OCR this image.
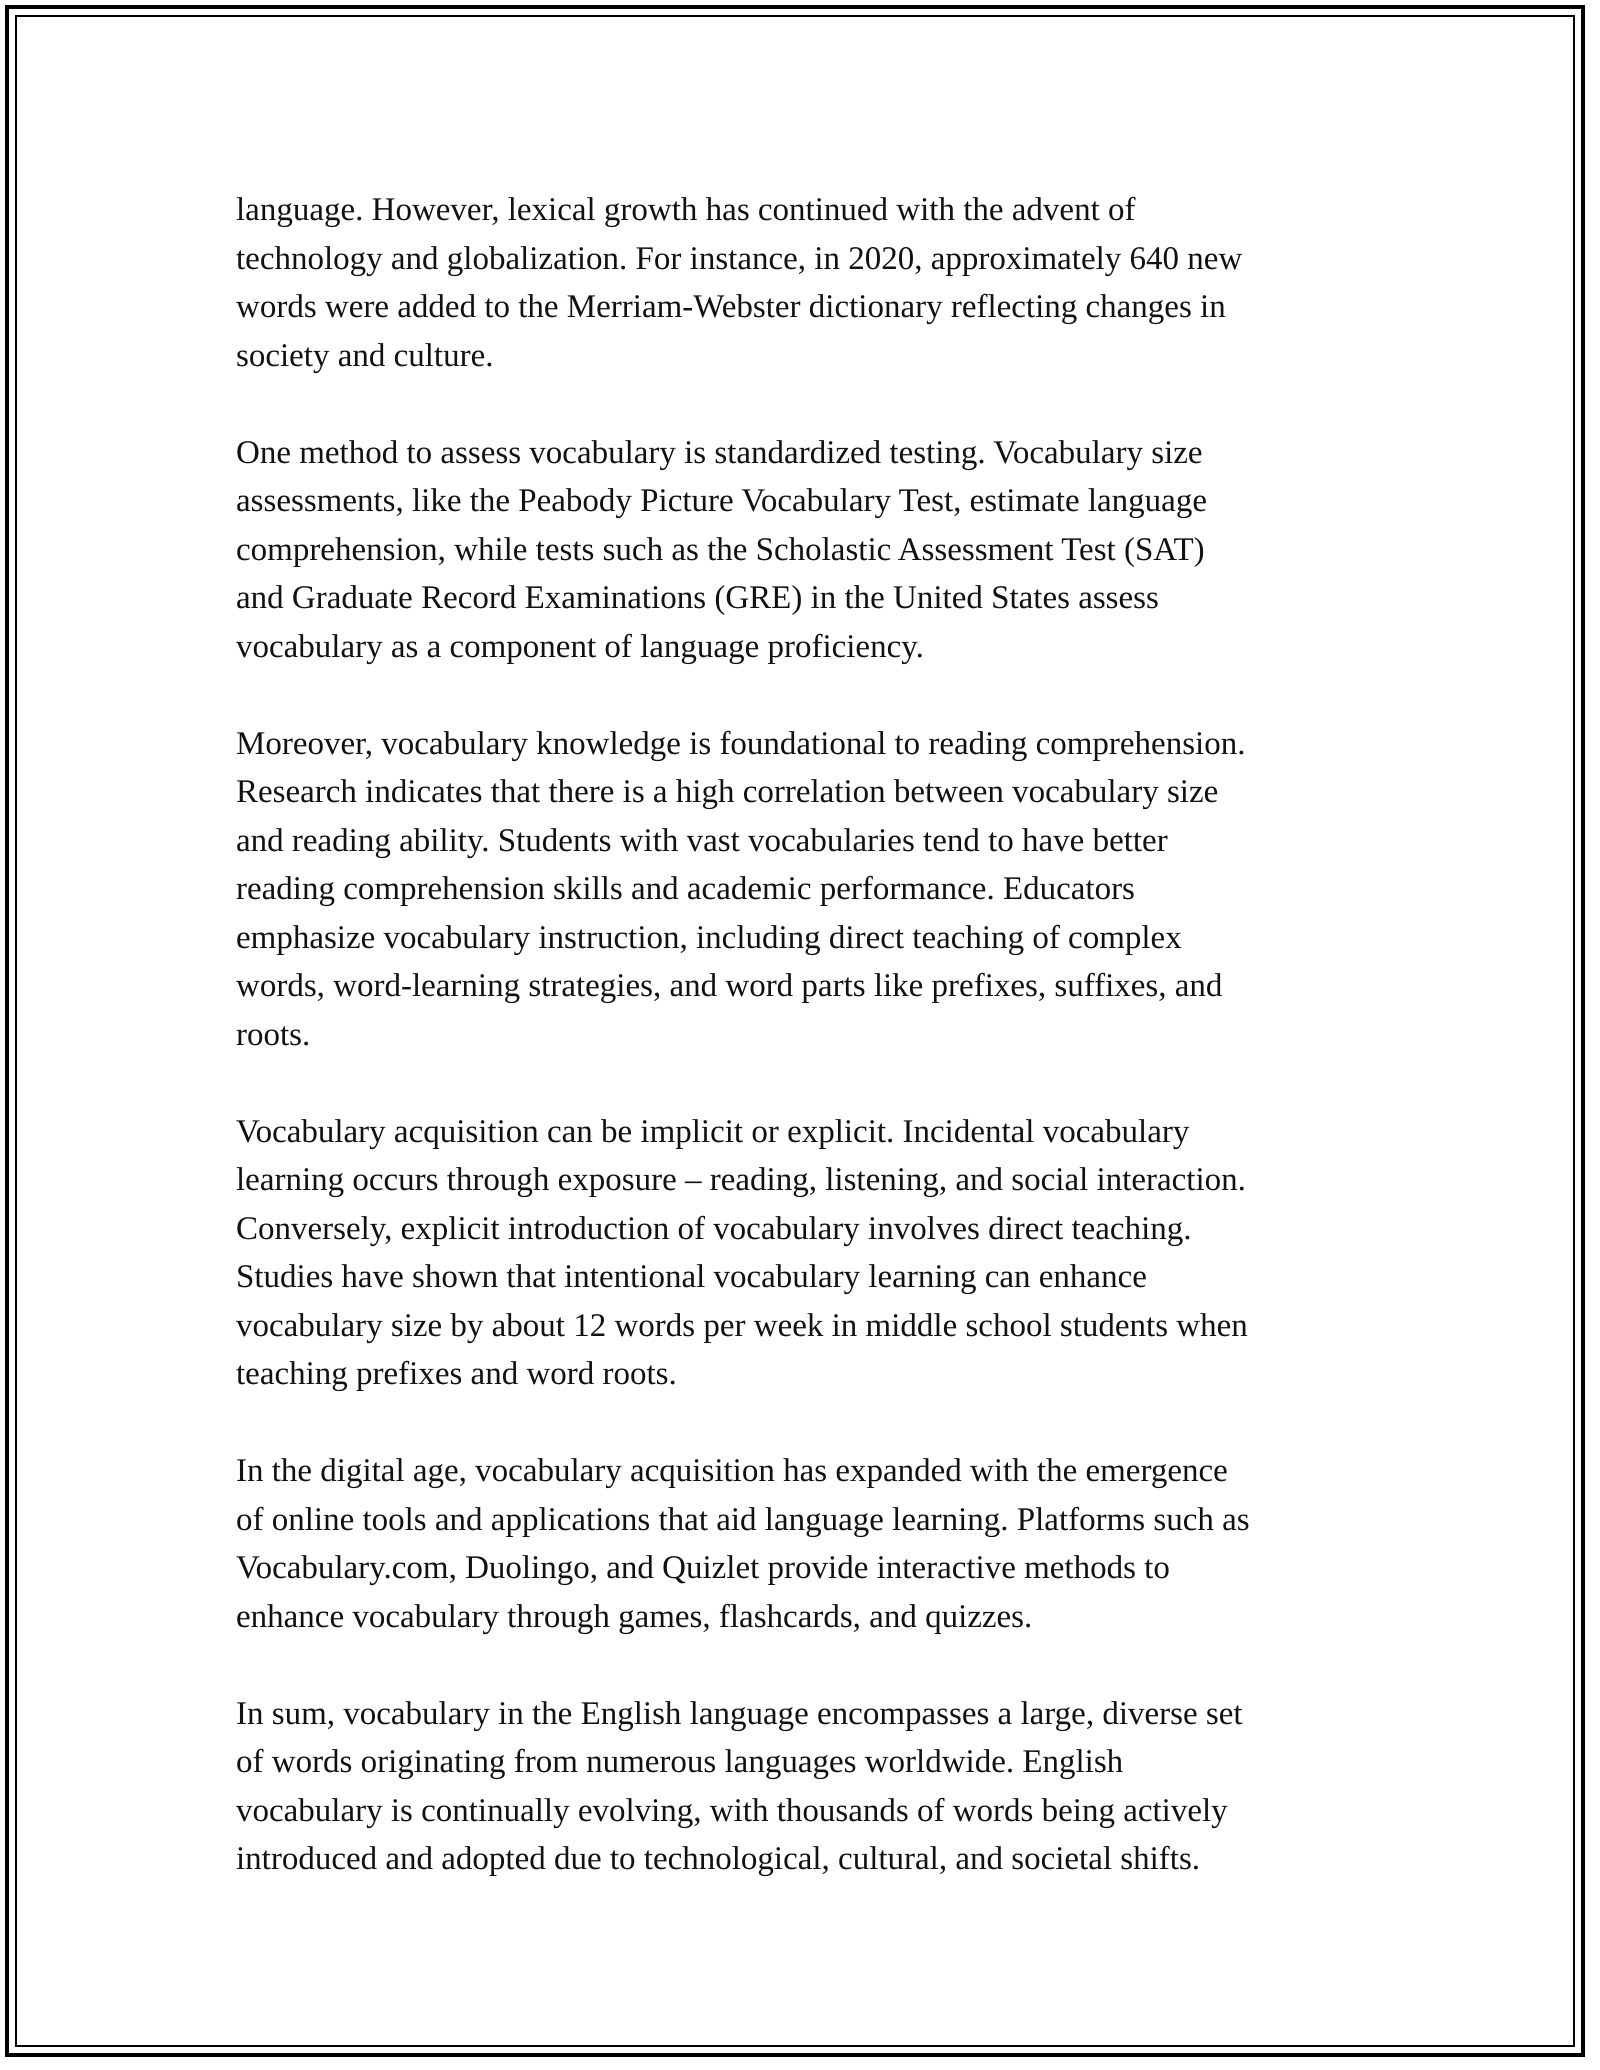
language. However, lexical growth has continued with the advent of
technology and globalization. For instance, in 2020, approximately 640 new
words were added to the Merriam-Webster dictionary reflecting changes in
society and culture.

One method to assess vocabulary is standardized testing. Vocabulary size
assessments, like the Peabody Picture Vocabulary Test, estimate language
comprehension, while tests such as the Scholastic Assessment Test (SAT)
and Graduate Record Examinations (GRE) in the United States assess
vocabulary as a component of language proficiency.

Moreover, vocabulary knowledge is foundational to reading comprehension.
Research indicates that there is a high correlation between vocabulary size
and reading ability. Students with vast vocabularies tend to have better
reading comprehension skills and academic performance. Educators
emphasize vocabulary instruction, including direct teaching of complex
words, word-learning strategies, and word parts like prefixes, suffixes, and
roots.

Vocabulary acquisition can be implicit or explicit. Incidental vocabulary
learning occurs through exposure – reading, listening, and social interaction.
Conversely, explicit introduction of vocabulary involves direct teaching.
Studies have shown that intentional vocabulary learning can enhance
vocabulary size by about 12 words per week in middle school students when
teaching prefixes and word roots.

In the digital age, vocabulary acquisition has expanded with the emergence
of online tools and applications that aid language learning. Platforms such as
Vocabulary.com, Duolingo, and Quizlet provide interactive methods to
enhance vocabulary through games, flashcards, and quizzes.

In sum, vocabulary in the English language encompasses a large, diverse set
of words originating from numerous languages worldwide. English
vocabulary is continually evolving, with thousands of words being actively
introduced and adopted due to technological, cultural, and societal shifts.
